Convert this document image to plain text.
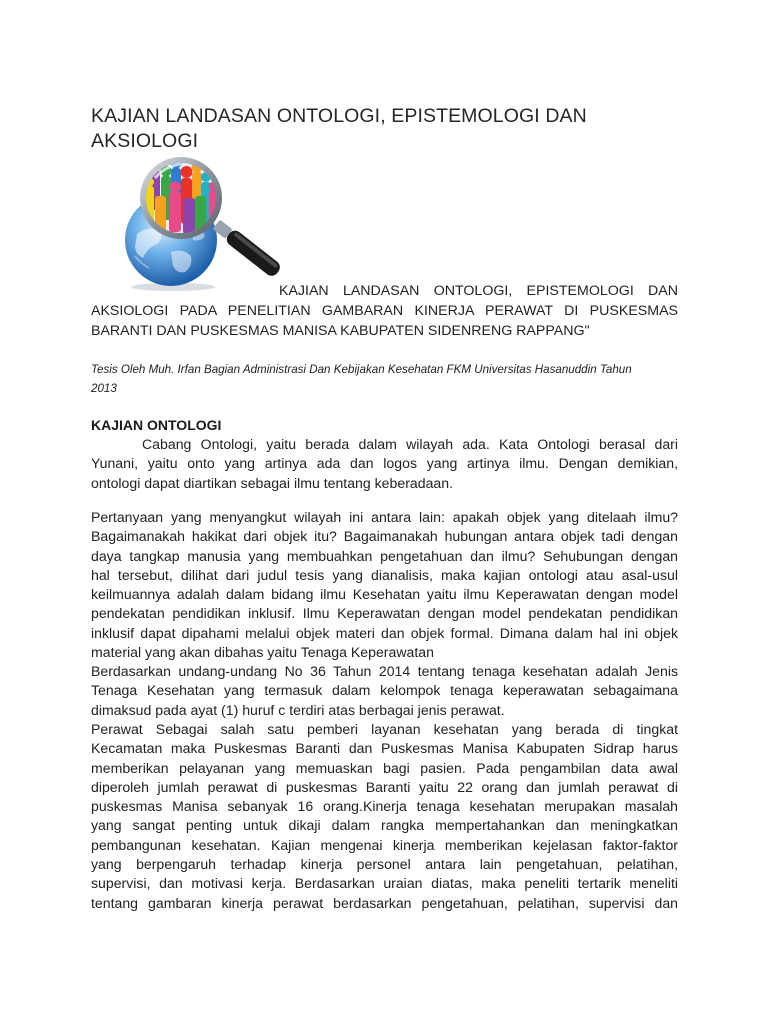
KAJIAN LANDASAN ONTOLOGI, EPISTEMOLOGI DAN
AKSIOLOGI

KAJIAN LANDASAN ONTOLOGI, EPISTEMOLOGI DAN
AKSIOLOGI PADA PENELITIAN GAMBARAN KINERJA PERAWAT DI PUSKESMAS
BARANTI DAN PUSKESMAS MANISA KABUPATEN SIDENRENG RAPPANG"

Tesis Oleh Muh. Irfan Bagian Administrasi Dan Kebijakan Kesehatan FKM Universitas Hasanuddin Tahun
2013

KAJIAN ONTOLOGI

Cabang Ontologi, yaitu berada dalam wilayah ada. Kata Ontologi berasal dari
Yunani, yaitu onto yang artinya ada dan logos yang artinya ilmu. Dengan demikian,
ontologi dapat diartikan sebagai ilmu tentang keberadaan.

Pertanyaan yang menyangkut wilayah ini antara lain: apakah objek yang ditelaah ilmu?
Bagaimanakah hakikat dari objek itu? Bagaimanakah hubungan antara objek tadi dengan
daya tangkap manusia yang membuahkan pengetahuan dan ilmu? Sehubungan dengan
hal tersebut, dilihat dari judul tesis yang dianalisis, maka kajian ontologi atau asal-usul
keilmuannya adalah dalam bidang ilmu Kesehatan yaitu ilmu Keperawatan dengan model
pendekatan pendidikan inklusif. Ilmu Keperawatan dengan model pendekatan pendidikan
inklusif dapat dipahami melalui objek materi dan objek formal. Dimana dalam hal ini objek
material yang akan dibahas yaitu Tenaga Keperawatan

Berdasarkan undang-undang No 36 Tahun 2014 tentang tenaga kesehatan adalah Jenis
Tenaga Kesehatan yang termasuk dalam kelompok tenaga keperawatan sebagaimana
dimaksud pada ayat (1) huruf c terdiri atas berbagai jenis perawat.

Perawat Sebagai salah satu pemberi layanan kesehatan yang berada di tingkat
Kecamatan maka Puskesmas Baranti dan Puskesmas Manisa Kabupaten Sidrap harus
memberikan pelayanan yang memuaskan bagi pasien. Pada pengambilan data awal
diperoleh jumlah perawat di puskesmas Baranti yaitu 22 orang dan jumlah perawat di
puskesmas Manisa sebanyak 16 orang.Kinerja tenaga kesehatan merupakan masalah
yang sangat penting untuk dikaji dalam rangka mempertahankan dan meningkatkan
pembangunan kesehatan. Kajian mengenai kinerja memberikan kejelasan faktor-faktor
yang berpengaruh terhadap kinerja personel antara lain pengetahuan, pelatihan,
supervisi, dan motivasi kerja. Berdasarkan uraian diatas, maka peneliti tertarik meneliti
tentang gambaran kinerja perawat berdasarkan pengetahuan, pelatihan, supervisi dan
